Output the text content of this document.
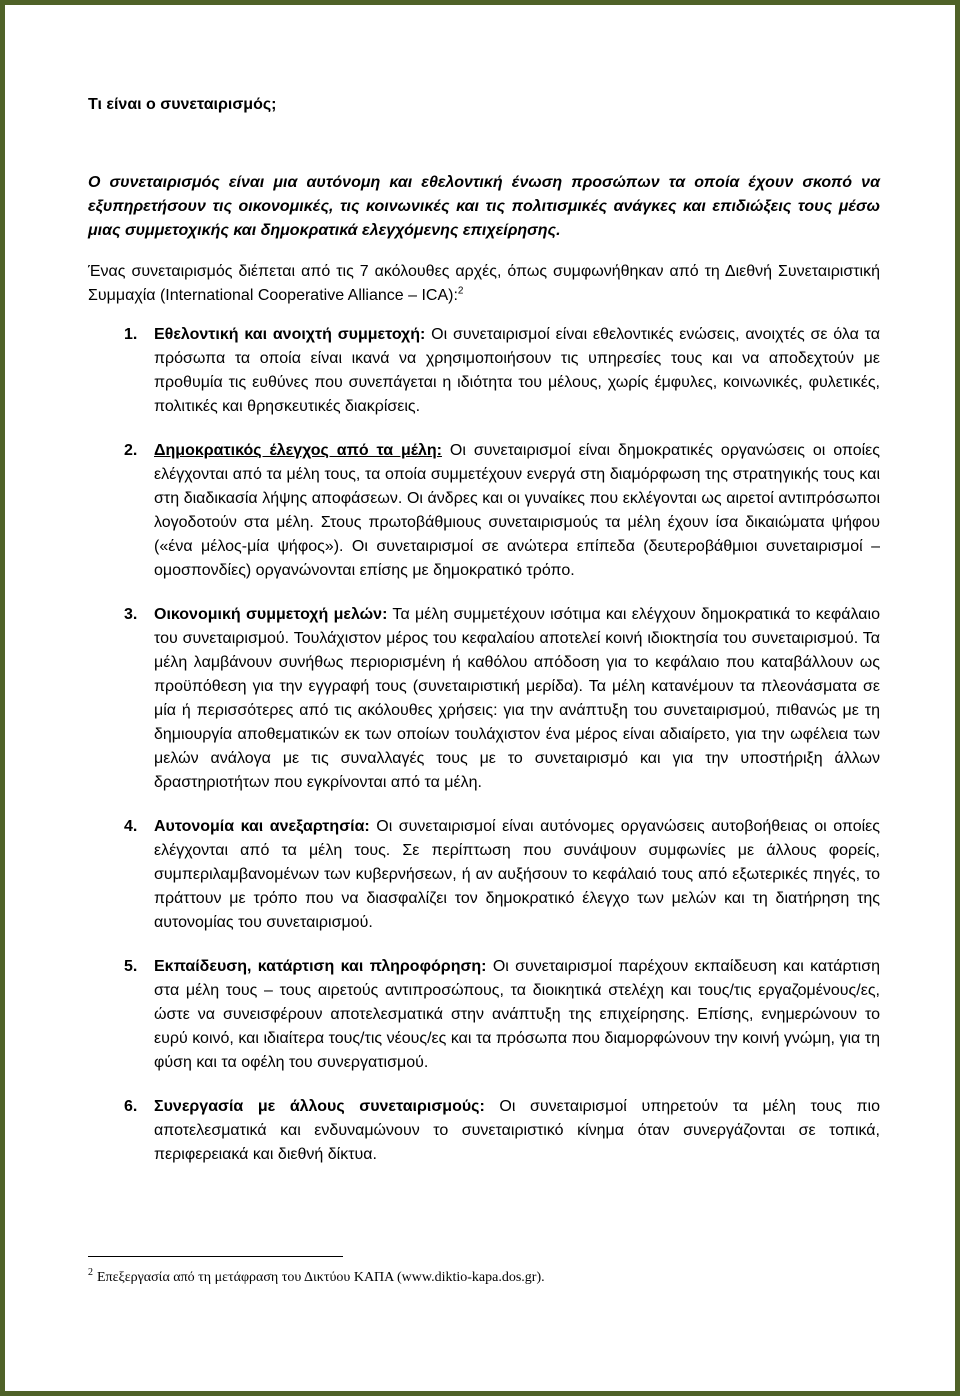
Τι είναι ο συνεταιρισμός;

Ο συνεταιρισμός είναι μια αυτόνομη και εθελοντική ένωση προσώπων τα οποία έχουν σκοπό να εξυπηρετήσουν τις οικονομικές, τις κοινωνικές και τις πολιτισμικές ανάγκες και επιδιώξεις τους μέσω μιας συμμετοχικής και δημοκρατικά ελεγχόμενης επιχείρησης.

Ένας συνεταιρισμός διέπεται από τις 7 ακόλουθες αρχές, όπως συμφωνήθηκαν από τη Διεθνή Συνεταιριστική Συμμαχία (International Cooperative Alliance – ICA):$^2$

1. Εθελοντική και ανοιχτή συμμετοχή: Οι συνεταιρισμοί είναι εθελοντικές ενώσεις, ανοιχτές σε όλα τα πρόσωπα τα οποία είναι ικανά να χρησιμοποιήσουν τις υπηρεσίες τους και να αποδεχτούν με προθυμία τις ευθύνες που συνεπάγεται η ιδιότητα του μέλους, χωρίς έμφυλες, κοινωνικές, φυλετικές, πολιτικές και θρησκευτικές διακρίσεις.
2. Δημοκρατικός έλεγχος από τα μέλη: Οι συνεταιρισμοί είναι δημοκρατικές οργανώσεις οι οποίες ελέγχονται από τα μέλη τους, τα οποία συμμετέχουν ενεργά στη διαμόρφωση της στρατηγικής τους και στη διαδικασία λήψης αποφάσεων. Οι άνδρες και οι γυναίκες που εκλέγονται ως αιρετοί αντιπρόσωποι λογοδοτούν στα μέλη. Στους πρωτοβάθμιους συνεταιρισμούς τα μέλη έχουν ίσα δικαιώματα ψήφου («ένα μέλος-μία ψήφος»). Οι συνεταιρισμοί σε ανώτερα επίπεδα (δευτεροβάθμιοι συνεταιρισμοί – ομοσπονδίες) οργανώνονται επίσης με δημοκρατικό τρόπο.
3. Οικονομική συμμετοχή μελών: Τα μέλη συμμετέχουν ισότιμα και ελέγχουν δημοκρατικά το κεφάλαιο του συνεταιρισμού. Τουλάχιστον μέρος του κεφαλαίου αποτελεί κοινή ιδιοκτησία του συνεταιρισμού. Τα μέλη λαμβάνουν συνήθως περιορισμένη ή καθόλου απόδοση για το κεφάλαιο που καταβάλλουν ως προϋπόθεση για την εγγραφή τους (συνεταιριστική μερίδα). Τα μέλη κατανέμουν τα πλεονάσματα σε μία ή περισσότερες από τις ακόλουθες χρήσεις: για την ανάπτυξη του συνεταιρισμού, πιθανώς με τη δημιουργία αποθεματικών εκ των οποίων τουλάχιστον ένα μέρος είναι αδιαίρετο, για την ωφέλεια των μελών ανάλογα με τις συναλλαγές τους με το συνεταιρισμό και για την υποστήριξη άλλων δραστηριοτήτων που εγκρίνονται από τα μέλη.
4. Αυτονομία και ανεξαρτησία: Οι συνεταιρισμοί είναι αυτόνομες οργανώσεις αυτοβοήθειας οι οποίες ελέγχονται από τα μέλη τους. Σε περίπτωση που συνάψουν συμφωνίες με άλλους φορείς, συμπεριλαμβανομένων των κυβερνήσεων, ή αν αυξήσουν το κεφάλαιό τους από εξωτερικές πηγές, το πράττουν με τρόπο που να διασφαλίζει τον δημοκρατικό έλεγχο των μελών και τη διατήρηση της αυτονομίας του συνεταιρισμού.
5. Εκπαίδευση, κατάρτιση και πληροφόρηση: Οι συνεταιρισμοί παρέχουν εκπαίδευση και κατάρτιση στα μέλη τους – τους αιρετούς αντιπροσώπους, τα διοικητικά στελέχη και τους/τις εργαζομένους/ες, ώστε να συνεισφέρουν αποτελεσματικά στην ανάπτυξη της επιχείρησης. Επίσης, ενημερώνουν το ευρύ κοινό, και ιδιαίτερα τους/τις νέους/ες και τα πρόσωπα που διαμορφώνουν την κοινή γνώμη, για τη φύση και τα οφέλη του συνεργατισμού.
6. Συνεργασία με άλλους συνεταιρισμούς: Οι συνεταιρισμοί υπηρετούν τα μέλη τους πιο αποτελεσματικά και ενδυναμώνουν το συνεταιριστικό κίνημα όταν συνεργάζονται σε τοπικά, περιφερειακά και διεθνή δίκτυα.

$^2$ Επεξεργασία από τη μετάφραση του Δικτύου ΚΑΠΑ (www.diktio-kapa.dos.gr).
